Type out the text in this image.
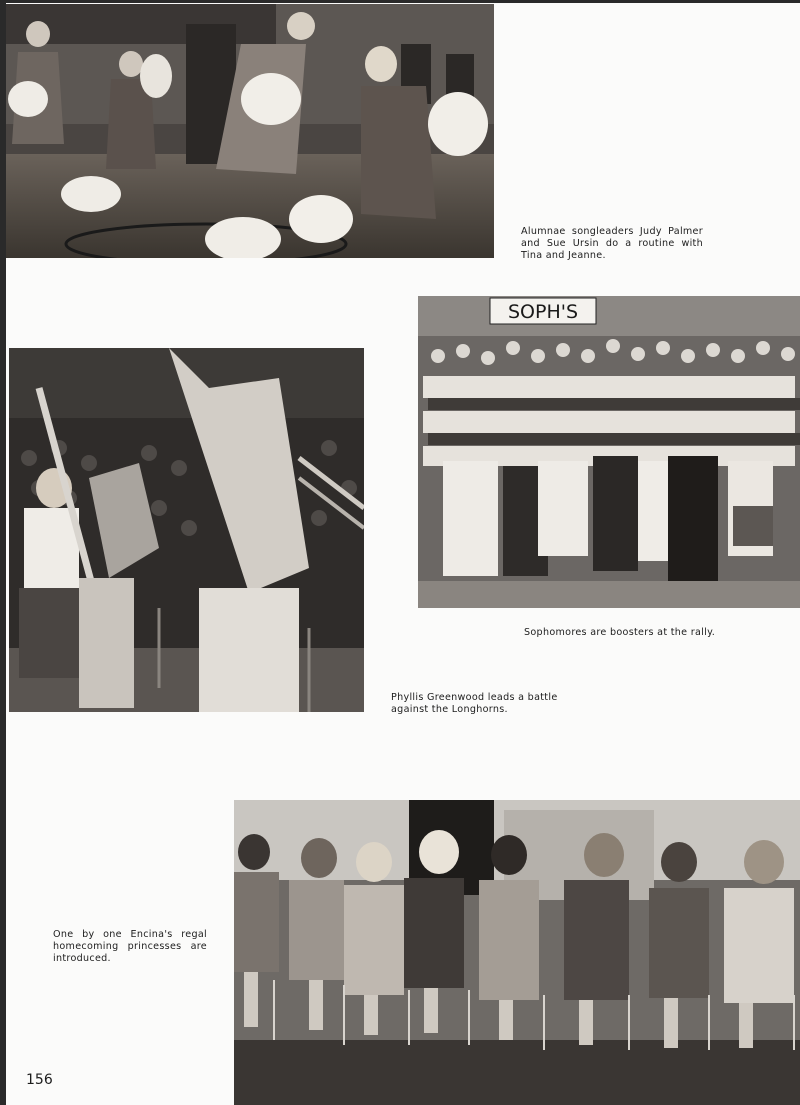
Alumnae songleaders Judy Palmer and Sue Ursin do a routine with Tina and Jeanne.
SOPH'S
Sophomores are boosters at the rally.
Phyllis Greenwood leads a battle against the Longhorns.
One by one Encina's regal homecoming princesses are introduced.
156
